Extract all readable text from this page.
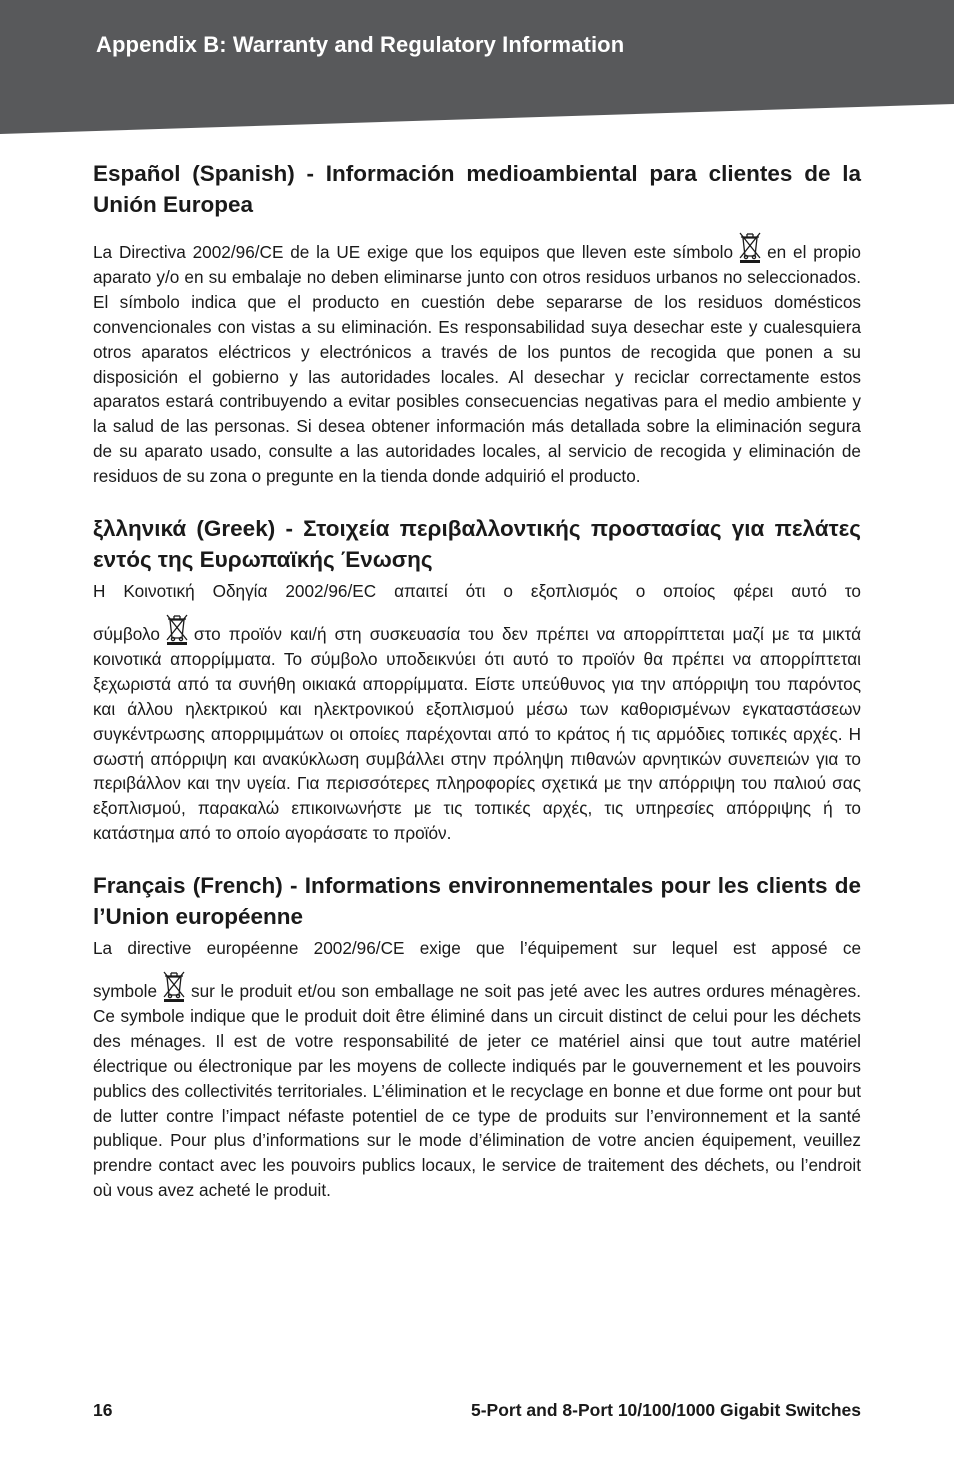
Appendix B: Warranty and Regulatory Information
Español (Spanish) - Información medioambiental para clientes de la Unión Europea

La Directiva 2002/96/CE de la UE exige que los equipos que lleven este símbolo en el propio aparato y/o en su embalaje no deben eliminarse junto con otros residuos urbanos no seleccionados. El símbolo indica que el producto en cuestión debe separarse de los residuos domésticos convencionales con vistas a su eliminación. Es responsabilidad suya desechar este y cualesquiera otros aparatos eléctricos y electrónicos a través de los puntos de recogida que ponen a su disposición el gobierno y las autoridades locales. Al desechar y reciclar correctamente estos aparatos estará contribuyendo a evitar posibles consecuencias negativas para el medio ambiente y la salud de las personas. Si desea obtener información más detallada sobre la eliminación segura de su aparato usado, consulte a las autoridades locales, al servicio de recogida y eliminación de residuos de su zona o pregunte en la tienda donde adquirió el producto.

ξλληνικά (Greek) - Στοιχεία περιβαλλοντικής προστασίας για πελάτες εντός της Ευρωπαϊκής Ένωσης

Η Κοινοτική Οδηγία 2002/96/EC απαιτεί ότι ο εξοπλισμός ο οποίος φέρει αυτό το
σύμβολο στο προϊόν και/ή στη συσκευασία του δεν πρέπει να απορρίπτεται μαζί με τα μικτά κοινοτικά απορρίμματα. Το σύμβολο υποδεικνύει ότι αυτό το προϊόν θα πρέπει να απορρίπτεται ξεχωριστά από τα συνήθη οικιακά απορρίμματα. Είστε υπεύθυνος για την απόρριψη του παρόντος και άλλου ηλεκτρικού και ηλεκτρονικού εξοπλισμού μέσω των καθορισμένων εγκαταστάσεων συγκέντρωσης απορριμμάτων οι οποίες παρέχονται από το κράτος ή τις αρμόδιες τοπικές αρχές. Η σωστή απόρριψη και ανακύκλωση συμβάλλει στην πρόληψη πιθανών αρνητικών συνεπειών για το περιβάλλον και την υγεία. Για περισσότερες πληροφορίες σχετικά με την απόρριψη του παλιού σας εξοπλισμού, παρακαλώ επικοινωνήστε με τις τοπικές αρχές, τις υπηρεσίες απόρριψης ή το κατάστημα από το οποίο αγοράσατε το προϊόν.

Français (French) - Informations environnementales pour les clients de l’Union européenne

La directive européenne 2002/96/CE exige que l’équipement sur lequel est apposé ce
symbole sur le produit et/ou son emballage ne soit pas jeté avec les autres ordures ménagères. Ce symbole indique que le produit doit être éliminé dans un circuit distinct de celui pour les déchets des ménages. Il est de votre responsabilité de jeter ce matériel ainsi que tout autre matériel électrique ou électronique par les moyens de collecte indiqués par le gouvernement et les pouvoirs publics des collectivités territoriales. L’élimination et le recyclage en bonne et due forme ont pour but de lutter contre l’impact néfaste potentiel de ce type de produits sur l’environnement et la santé publique. Pour plus d’informations sur le mode d’élimination de votre ancien équipement, veuillez prendre contact avec les pouvoirs publics locaux, le service de traitement des déchets, ou l’endroit où vous avez acheté le produit.

16	5-Port and 8-Port 10/100/1000 Gigabit Switches
